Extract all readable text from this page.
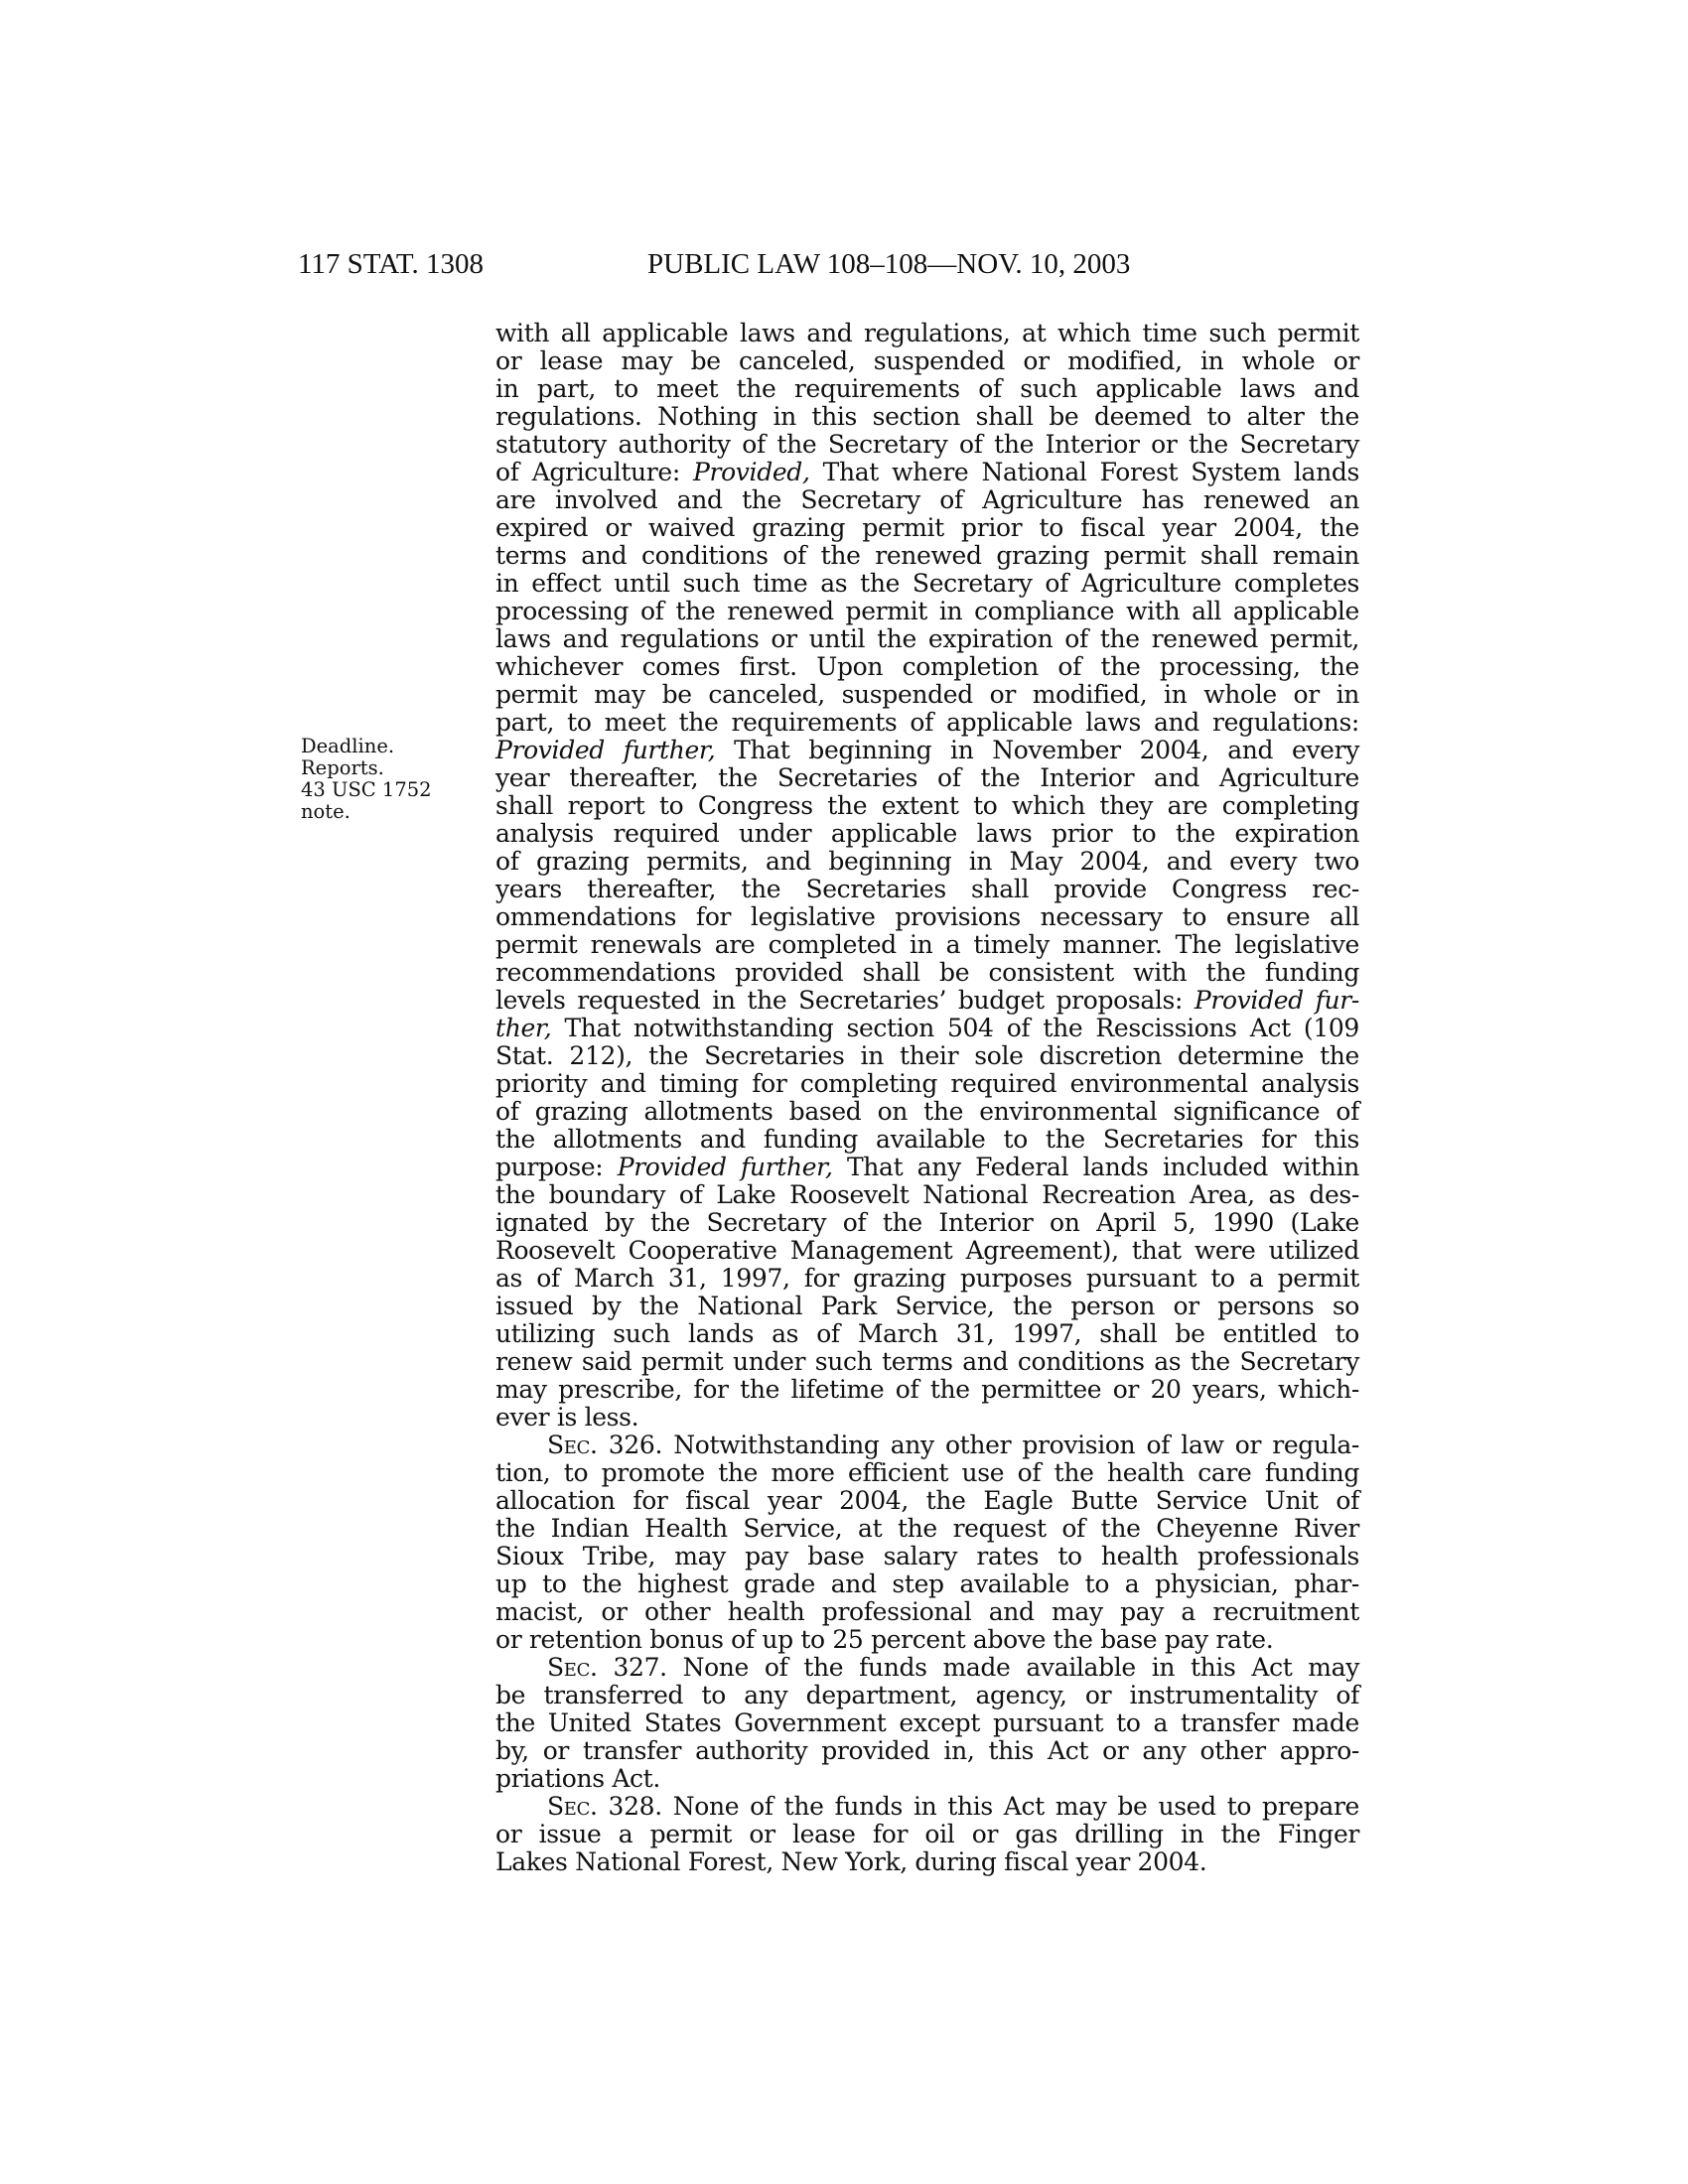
117 STAT. 1308	PUBLIC LAW 108–108—NOV. 10, 2003
Deadline.
Reports.
43 USC 1752
note.
with all applicable laws and regulations, at which time such permit
or lease may be canceled, suspended or modified, in whole or
in part, to meet the requirements of such applicable laws and
regulations. Nothing in this section shall be deemed to alter the
statutory authority of the Secretary of the Interior or the Secretary
of Agriculture: Provided, That where National Forest System lands
are involved and the Secretary of Agriculture has renewed an
expired or waived grazing permit prior to fiscal year 2004, the
terms and conditions of the renewed grazing permit shall remain
in effect until such time as the Secretary of Agriculture completes
processing of the renewed permit in compliance with all applicable
laws and regulations or until the expiration of the renewed permit,
whichever comes first. Upon completion of the processing, the
permit may be canceled, suspended or modified, in whole or in
part, to meet the requirements of applicable laws and regulations:
Provided further, That beginning in November 2004, and every
year thereafter, the Secretaries of the Interior and Agriculture
shall report to Congress the extent to which they are completing
analysis required under applicable laws prior to the expiration
of grazing permits, and beginning in May 2004, and every two
years thereafter, the Secretaries shall provide Congress rec-
ommendations for legislative provisions necessary to ensure all
permit renewals are completed in a timely manner. The legislative
recommendations provided shall be consistent with the funding
levels requested in the Secretaries’ budget proposals: Provided fur-
ther, That notwithstanding section 504 of the Rescissions Act (109
Stat. 212), the Secretaries in their sole discretion determine the
priority and timing for completing required environmental analysis
of grazing allotments based on the environmental significance of
the allotments and funding available to the Secretaries for this
purpose: Provided further, That any Federal lands included within
the boundary of Lake Roosevelt National Recreation Area, as des-
ignated by the Secretary of the Interior on April 5, 1990 (Lake
Roosevelt Cooperative Management Agreement), that were utilized
as of March 31, 1997, for grazing purposes pursuant to a permit
issued by the National Park Service, the person or persons so
utilizing such lands as of March 31, 1997, shall be entitled to
renew said permit under such terms and conditions as the Secretary
may prescribe, for the lifetime of the permittee or 20 years, which-
ever is less.
Sec. 326. Notwithstanding any other provision of law or regula-
tion, to promote the more efficient use of the health care funding
allocation for fiscal year 2004, the Eagle Butte Service Unit of
the Indian Health Service, at the request of the Cheyenne River
Sioux Tribe, may pay base salary rates to health professionals
up to the highest grade and step available to a physician, phar-
macist, or other health professional and may pay a recruitment
or retention bonus of up to 25 percent above the base pay rate.
Sec. 327. None of the funds made available in this Act may
be transferred to any department, agency, or instrumentality of
the United States Government except pursuant to a transfer made
by, or transfer authority provided in, this Act or any other appro-
priations Act.
Sec. 328. None of the funds in this Act may be used to prepare
or issue a permit or lease for oil or gas drilling in the Finger
Lakes National Forest, New York, during fiscal year 2004.
